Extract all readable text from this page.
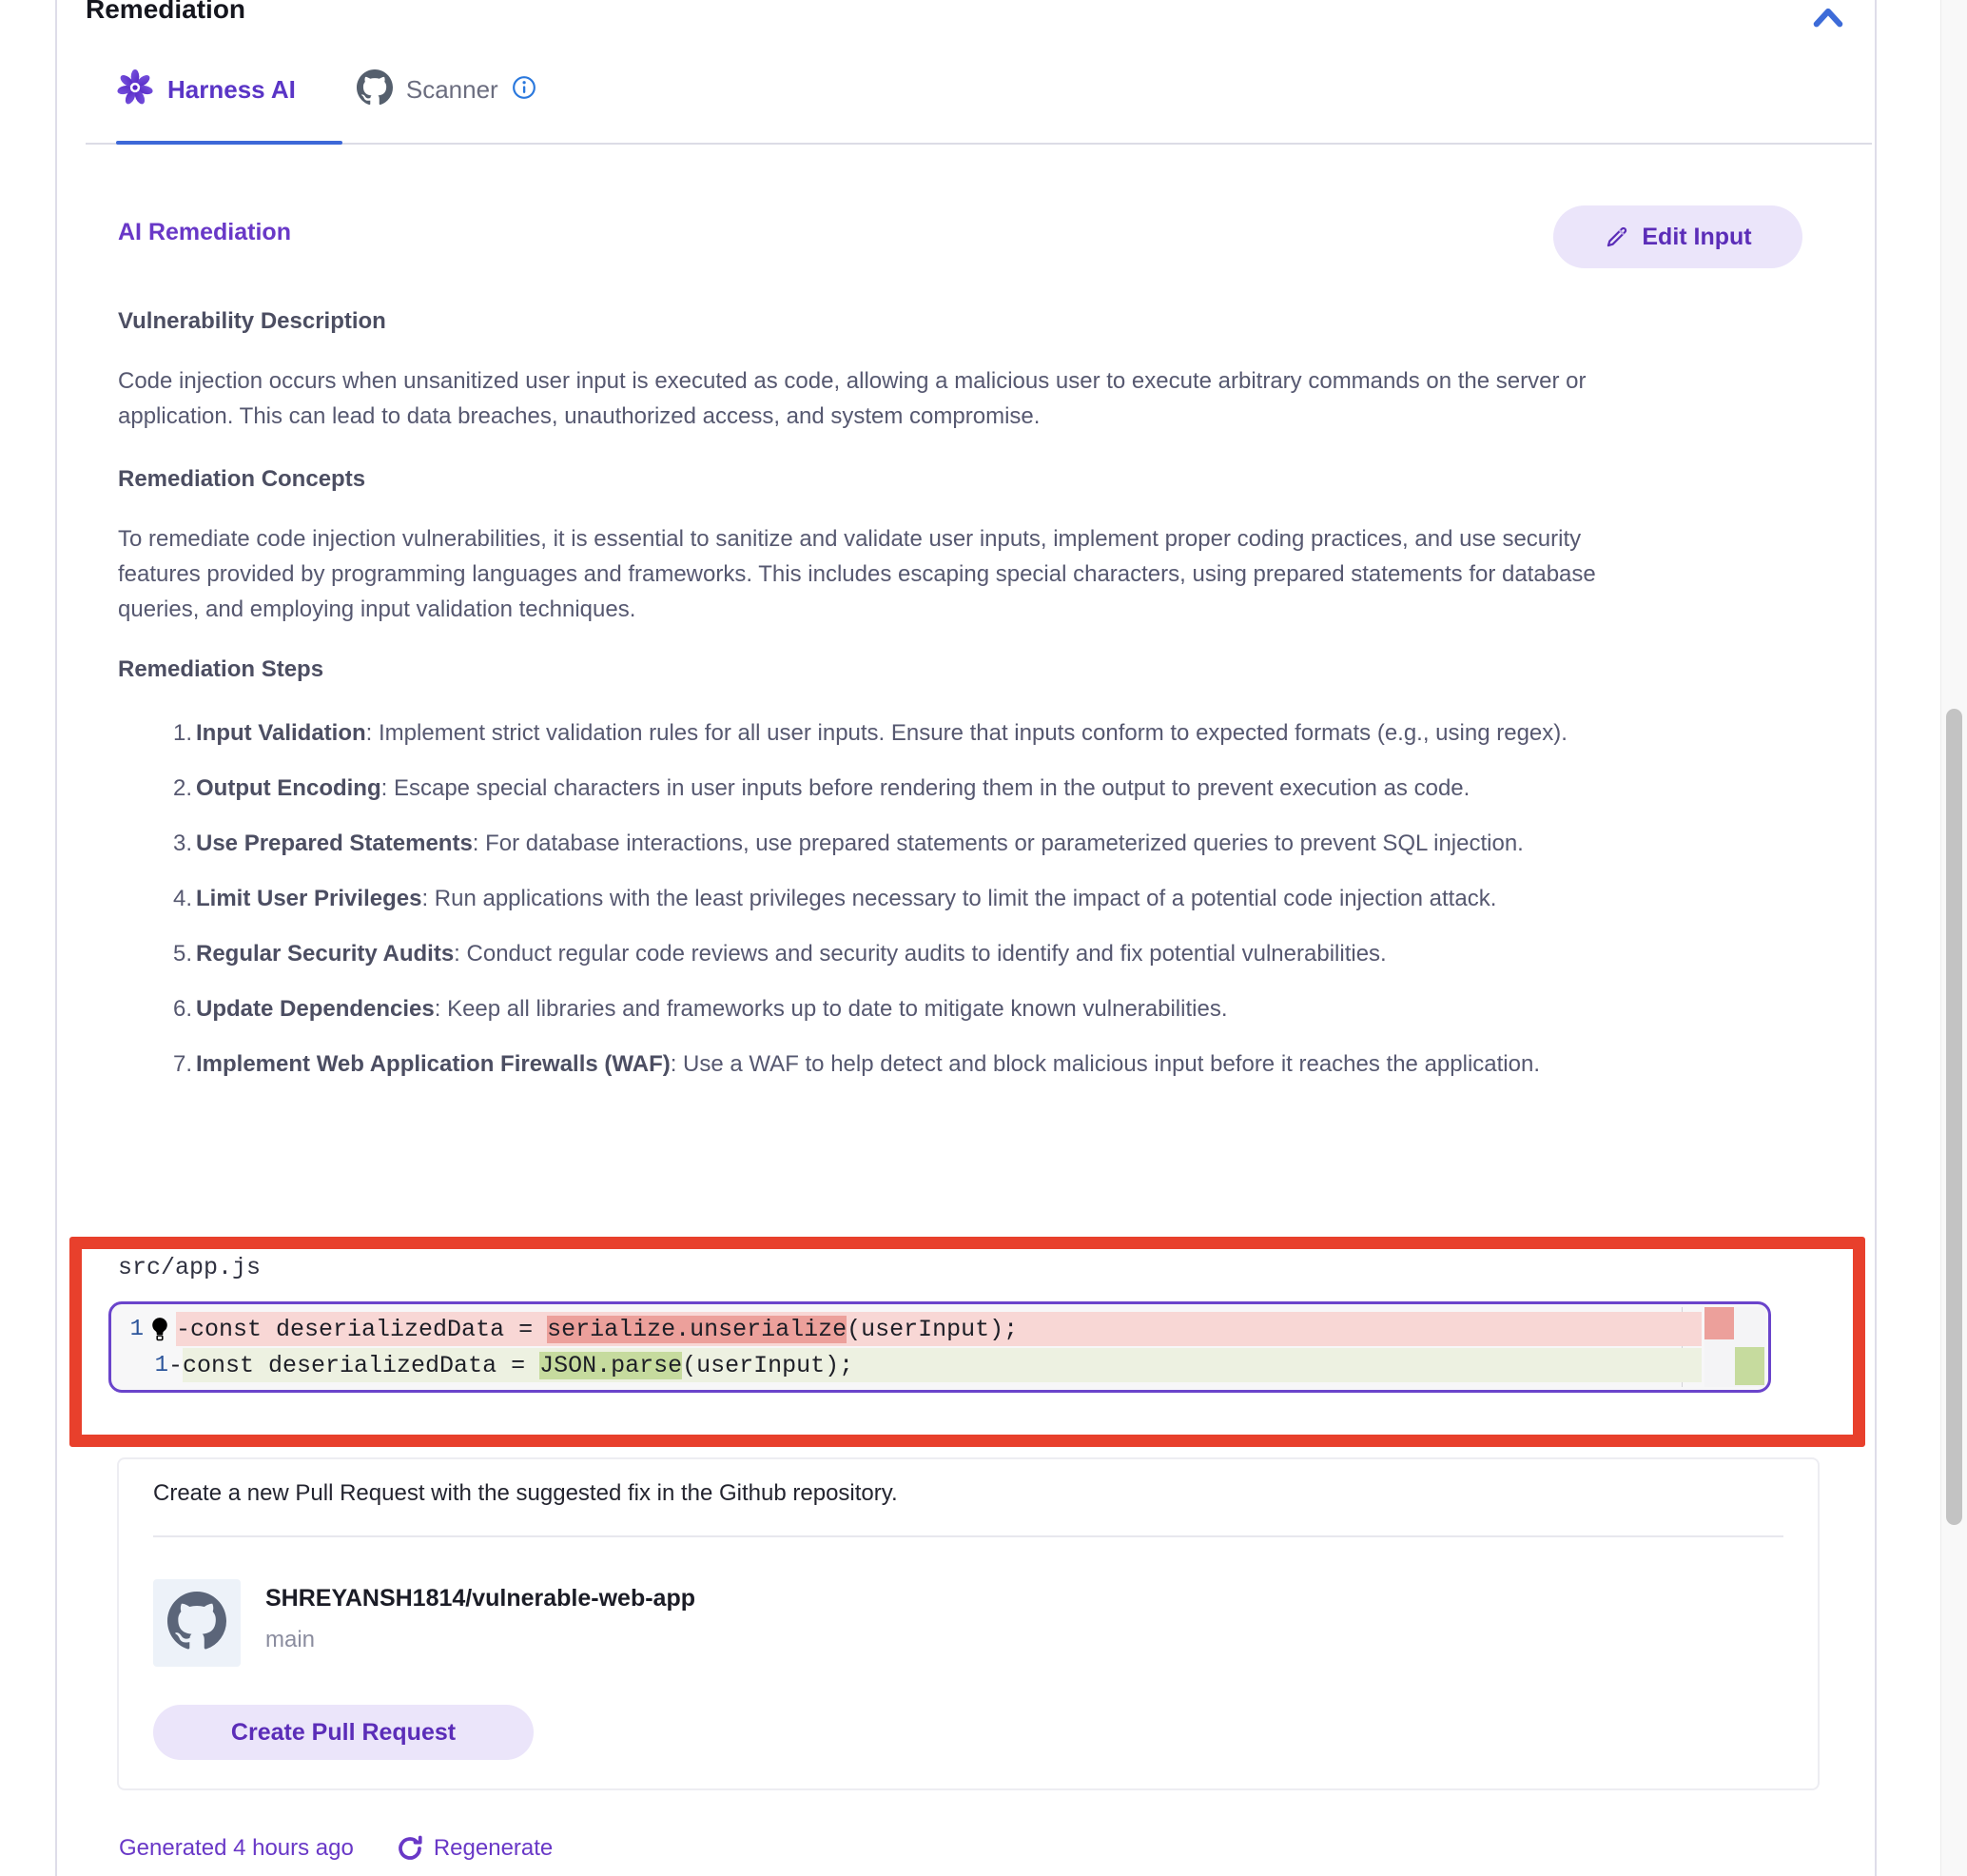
Remediation
Harness AI	Scanner
AI Remediation	Edit Input
Vulnerability Description
Code injection occurs when unsanitized user input is executed as code, allowing a malicious user to execute arbitrary commands on the server or application. This can lead to data breaches, unauthorized access, and system compromise.
Remediation Concepts
To remediate code injection vulnerabilities, it is essential to sanitize and validate user inputs, implement proper coding practices, and use security features provided by programming languages and frameworks. This includes escaping special characters, using prepared statements for database queries, and employing input validation techniques.
Remediation Steps
1. Input Validation: Implement strict validation rules for all user inputs. Ensure that inputs conform to expected formats (e.g., using regex).
2. Output Encoding: Escape special characters in user inputs before rendering them in the output to prevent execution as code.
3. Use Prepared Statements: For database interactions, use prepared statements or parameterized queries to prevent SQL injection.
4. Limit User Privileges: Run applications with the least privileges necessary to limit the impact of a potential code injection attack.
5. Regular Security Audits: Conduct regular code reviews and security audits to identify and fix potential vulnerabilities.
6. Update Dependencies: Keep all libraries and frameworks up to date to mitigate known vulnerabilities.
7. Implement Web Application Firewalls (WAF): Use a WAF to help detect and block malicious input before it reaches the application.
src/app.js
1 - const deserializedData = serialize.unserialize (userInput);
1 - const deserializedData = JSON.parse (userInput);
Create a new Pull Request with the suggested fix in the Github repository.
SHREYANSH1814/vulnerable-web-app
main
Create Pull Request
Generated 4 hours ago	Regenerate
